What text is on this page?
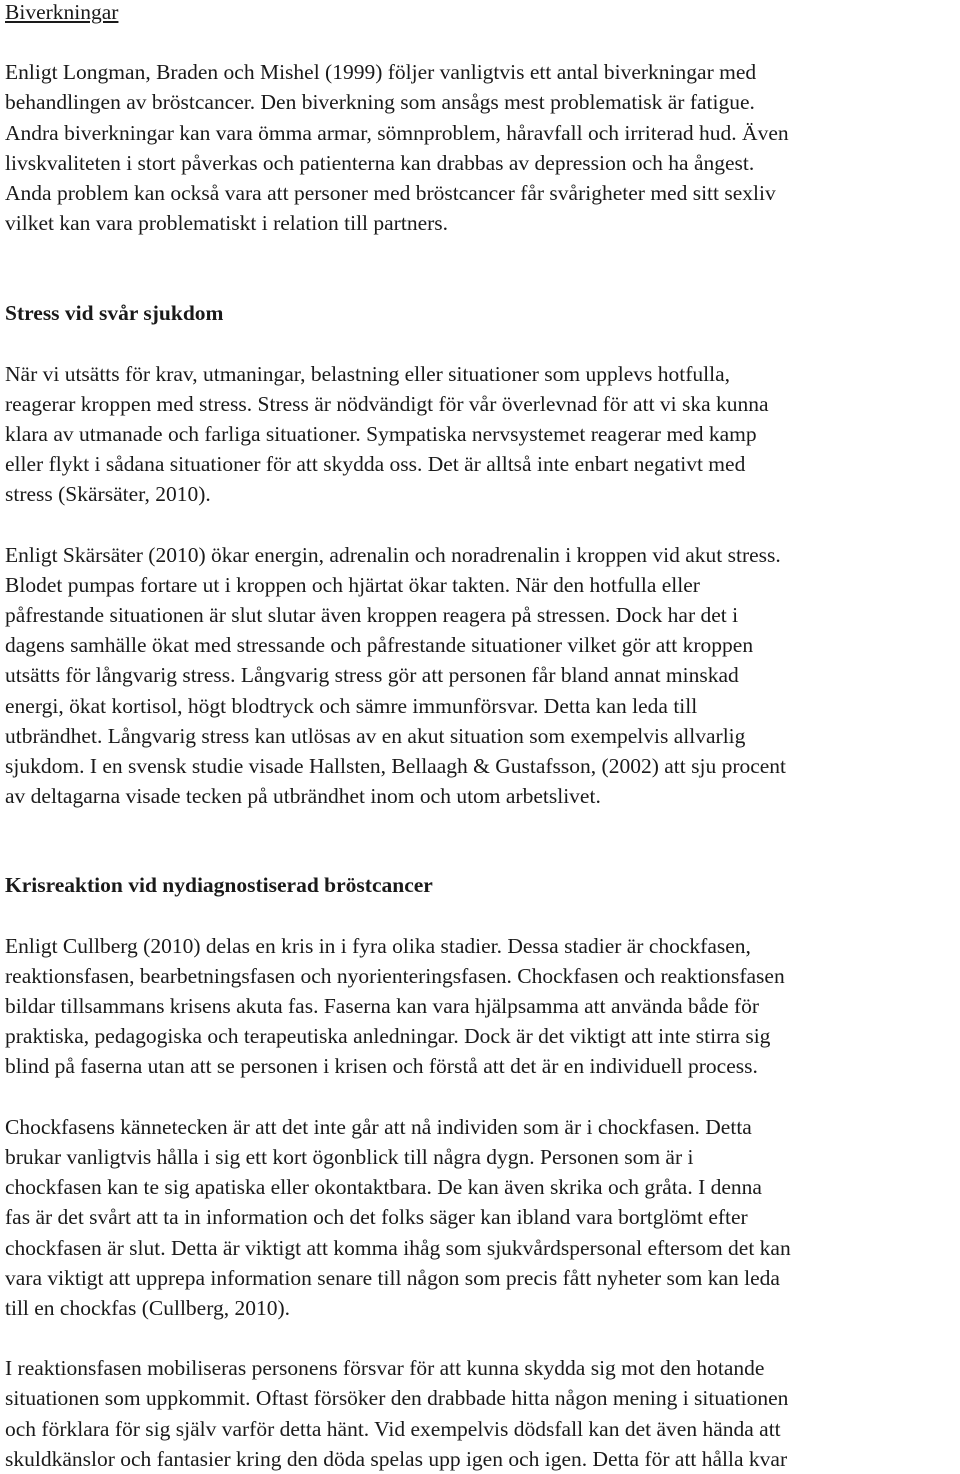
Biverkningar

Enligt Longman, Braden och Mishel (1999) följer vanligtvis ett antal biverkningar med
behandlingen av bröstcancer. Den biverkning som ansågs mest problematisk är fatigue.
Andra biverkningar kan vara ömma armar, sömnproblem, håravfall och irriterad hud. Även
livskvaliteten i stort påverkas och patienterna kan drabbas av depression och ha ångest.
Anda problem kan också vara att personer med bröstcancer får svårigheter med sitt sexliv
vilket kan vara problematiskt i relation till partners.

Stress vid svår sjukdom

När vi utsätts för krav, utmaningar, belastning eller situationer som upplevs hotfulla,
reagerar kroppen med stress. Stress är nödvändigt för vår överlevnad för att vi ska kunna
klara av utmanade och farliga situationer. Sympatiska nervsystemet reagerar med kamp
eller flykt i sådana situationer för att skydda oss. Det är alltså inte enbart negativt med
stress (Skärsäter, 2010).

Enligt Skärsäter (2010) ökar energin, adrenalin och noradrenalin i kroppen vid akut stress.
Blodet pumpas fortare ut i kroppen och hjärtat ökar takten. När den hotfulla eller
påfrestande situationen är slut slutar även kroppen reagera på stressen. Dock har det i
dagens samhälle ökat med stressande och påfrestande situationer vilket gör att kroppen
utsätts för långvarig stress. Långvarig stress gör att personen får bland annat minskad
energi, ökat kortisol, högt blodtryck och sämre immunförsvar. Detta kan leda till
utbrändhet. Långvarig stress kan utlösas av en akut situation som exempelvis allvarlig
sjukdom. I en svensk studie visade Hallsten, Bellaagh & Gustafsson, (2002) att sju procent
av deltagarna visade tecken på utbrändhet inom och utom arbetslivet.

Krisreaktion vid nydiagnostiserad bröstcancer

Enligt Cullberg (2010) delas en kris in i fyra olika stadier. Dessa stadier är chockfasen,
reaktionsfasen, bearbetningsfasen och nyorienteringsfasen. Chockfasen och reaktionsfasen
bildar tillsammans krisens akuta fas. Faserna kan vara hjälpsamma att använda både för
praktiska, pedagogiska och terapeutiska anledningar. Dock är det viktigt att inte stirra sig
blind på faserna utan att se personen i krisen och förstå att det är en individuell process.

Chockfasens kännetecken är att det inte går att nå individen som är i chockfasen. Detta
brukar vanligtvis hålla i sig ett kort ögonblick till några dygn. Personen som är i
chockfasen kan te sig apatiska eller okontaktbara. De kan även skrika och gråta. I denna
fas är det svårt att ta in information och det folks säger kan ibland vara bortglömt efter
chockfasen är slut. Detta är viktigt att komma ihåg som sjukvårdspersonal eftersom det kan
vara viktigt att upprepa information senare till någon som precis fått nyheter som kan leda
till en chockfas (Cullberg, 2010).

I reaktionsfasen mobiliseras personens försvar för att kunna skydda sig mot den hotande
situationen som uppkommit. Oftast försöker den drabbade hitta någon mening i situationen
och förklara för sig själv varför detta hänt. Vid exempelvis dödsfall kan det även hända att
skuldkänslor och fantasier kring den döda spelas upp igen och igen. Detta för att hålla kvar
